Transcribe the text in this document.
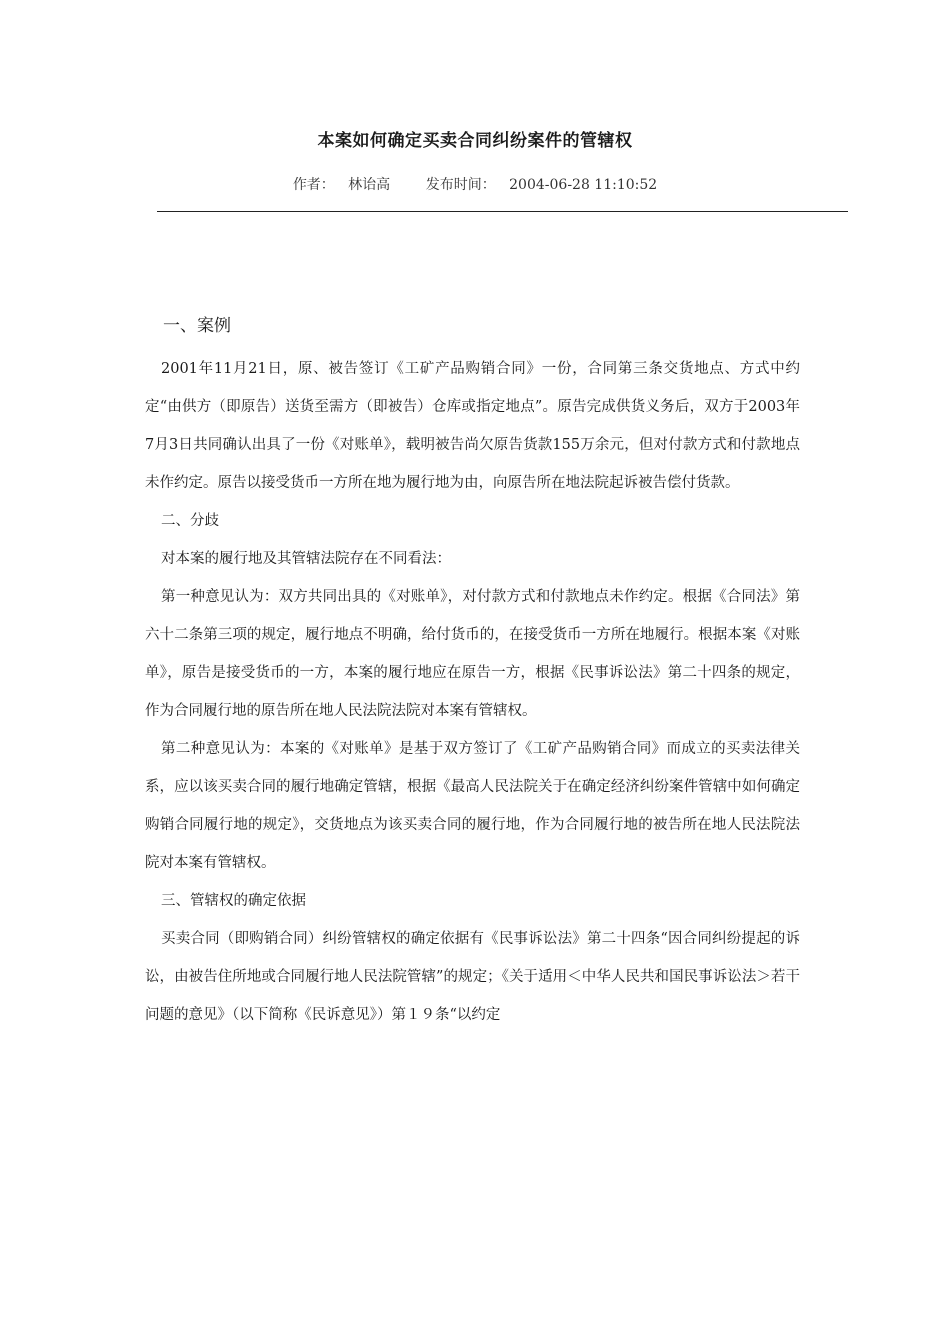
本案如何确定买卖合同纠纷案件的管辖权
作者： 林诒高	发布时间： 2004-06-28 11:10:52
一、案例

2001年11月21日，原、被告签订《工矿产品购销合同》一份，合同第三条交货地点、方式中约定“由供方（即原告）送货至需方（即被告）仓库或指定地点”。原告完成供货义务后，双方于2003年7月3日共同确认出具了一份《对账单》，载明被告尚欠原告货款155万余元，但对付款方式和付款地点未作约定。原告以接受货币一方所在地为履行地为由，向原告所在地法院起诉被告偿付货款。

二、分歧
对本案的履行地及其管辖法院存在不同看法：

第一种意见认为：双方共同出具的《对账单》，对付款方式和付款地点未作约定。根据《合同法》第六十二条第三项的规定，履行地点不明确，给付货币的，在接受货币一方所在地履行。根据本案《对账单》，原告是接受货币的一方，本案的履行地应在原告一方，根据《民事诉讼法》第二十四条的规定，作为合同履行地的原告所在地人民法院法院对本案有管辖权。

第二种意见认为：本案的《对账单》是基于双方签订了《工矿产品购销合同》而成立的买卖法律关系，应以该买卖合同的履行地确定管辖，根据《最高人民法院关于在确定经济纠纷案件管辖中如何确定购销合同履行地的规定》，交货地点为该买卖合同的履行地，作为合同履行地的被告所在地人民法院法院对本案有管辖权。

三、管辖权的确定依据

买卖合同（即购销合同）纠纷管辖权的确定依据有《民事诉讼法》第二十四条“因合同纠纷提起的诉讼，由被告住所地或合同履行地人民法院管辖”的规定；《关于适用＜中华人民共和国民事诉讼法＞若干问题的意见》（以下简称《民诉意见》）第１９条“以约定
